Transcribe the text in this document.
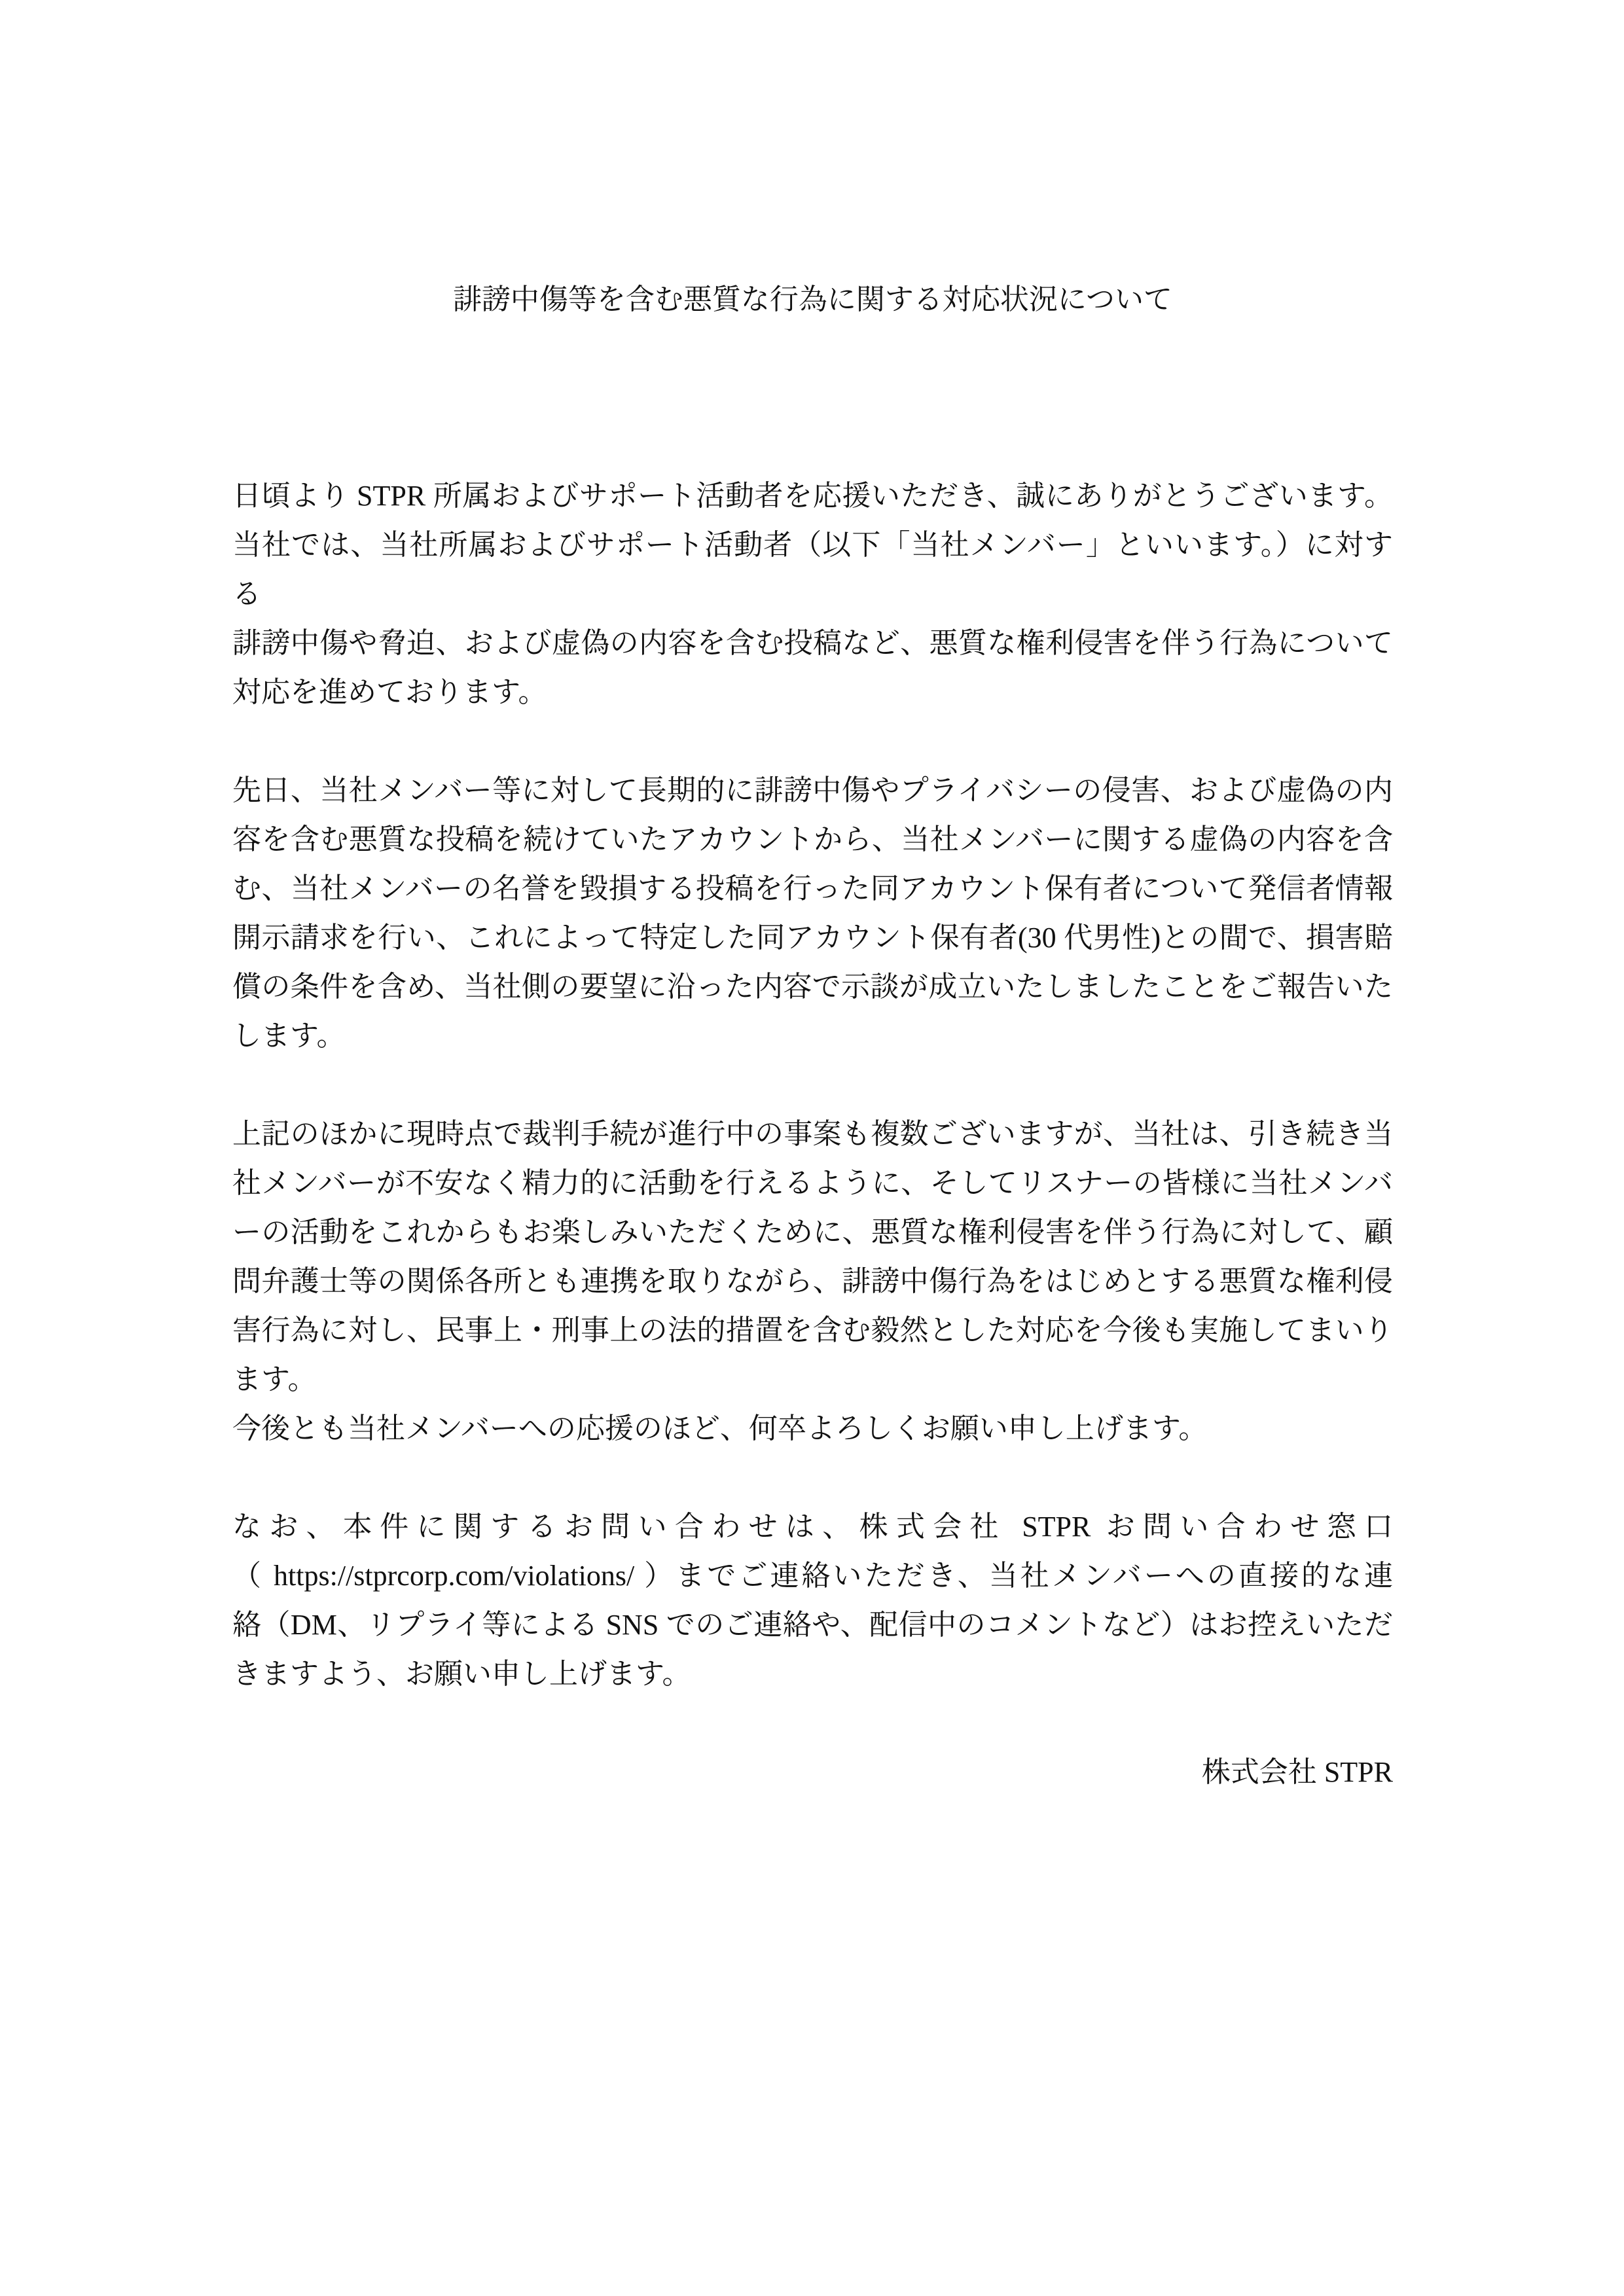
誹謗中傷等を含む悪質な行為に関する対応状況について
日頃より STPR 所属およびサポート活動者を応援いただき、誠にありがとうございます。
当社では、当社所属およびサポート活動者（以下「当社メンバー」といいます。）に対する
誹謗中傷や脅迫、および虚偽の内容を含む投稿など、悪質な権利侵害を伴う行為について
対応を進めております。
先日、当社メンバー等に対して長期的に誹謗中傷やプライバシーの侵害、および虚偽の内
容を含む悪質な投稿を続けていたアカウントから、当社メンバーに関する虚偽の内容を含
む、当社メンバーの名誉を毀損する投稿を行った同アカウント保有者について発信者情報
開示請求を行い、これによって特定した同アカウント保有者(30 代男性)との間で、損害賠
償の条件を含め、当社側の要望に沿った内容で示談が成立いたしましたことをご報告いた
します。
上記のほかに現時点で裁判手続が進行中の事案も複数ございますが、当社は、引き続き当
社メンバーが不安なく精力的に活動を行えるように、そしてリスナーの皆様に当社メンバ
ーの活動をこれからもお楽しみいただくために、悪質な権利侵害を伴う行為に対して、顧
問弁護士等の関係各所とも連携を取りながら、誹謗中傷行為をはじめとする悪質な権利侵
害行為に対し、民事上・刑事上の法的措置を含む毅然とした対応を今後も実施してまいり
ます。
今後とも当社メンバーへの応援のほど、何卒よろしくお願い申し上げます。
なお、本件に関するお問い合わせは、株式会社 STPR お問い合わせ窓口
（ https://stprcorp.com/violations/ ）までご連絡いただき、当社メンバーへの直接的な連
絡（DM、リプライ等による SNS でのご連絡や、配信中のコメントなど）はお控えいただ
きますよう、お願い申し上げます。
株式会社 STPR
